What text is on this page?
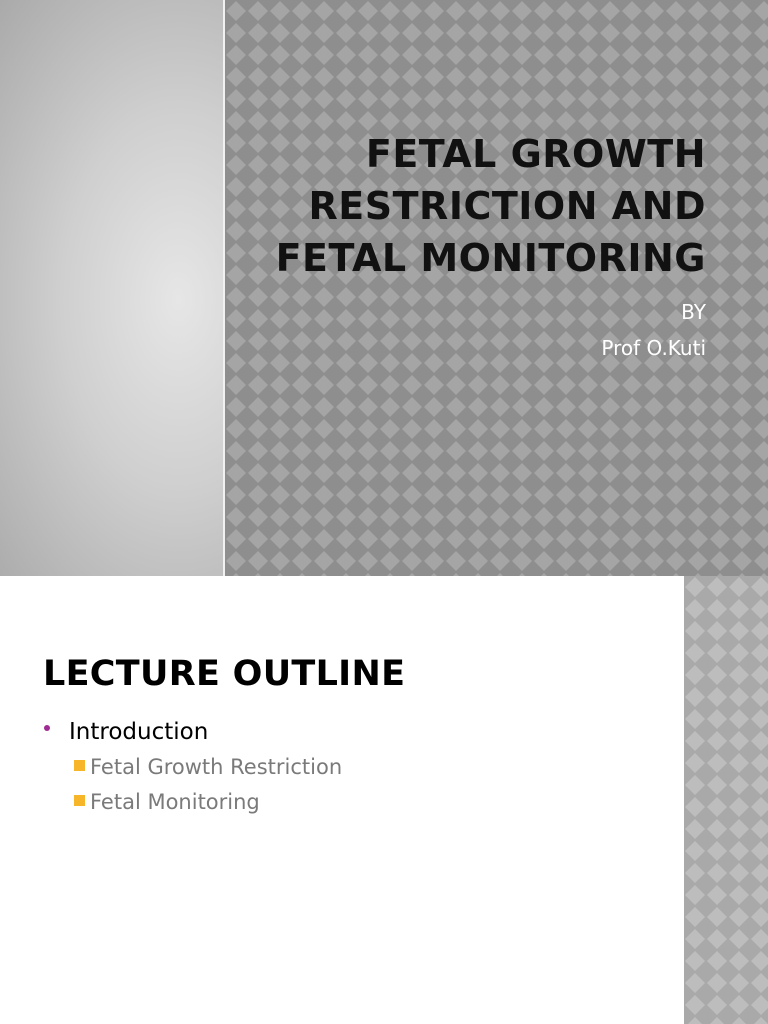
FETAL GROWTH
RESTRICTION AND
FETAL MONITORING

BY

Prof O.Kuti

LECTURE OUTLINE
Introduction
Fetal Growth Restriction
Fetal Monitoring
